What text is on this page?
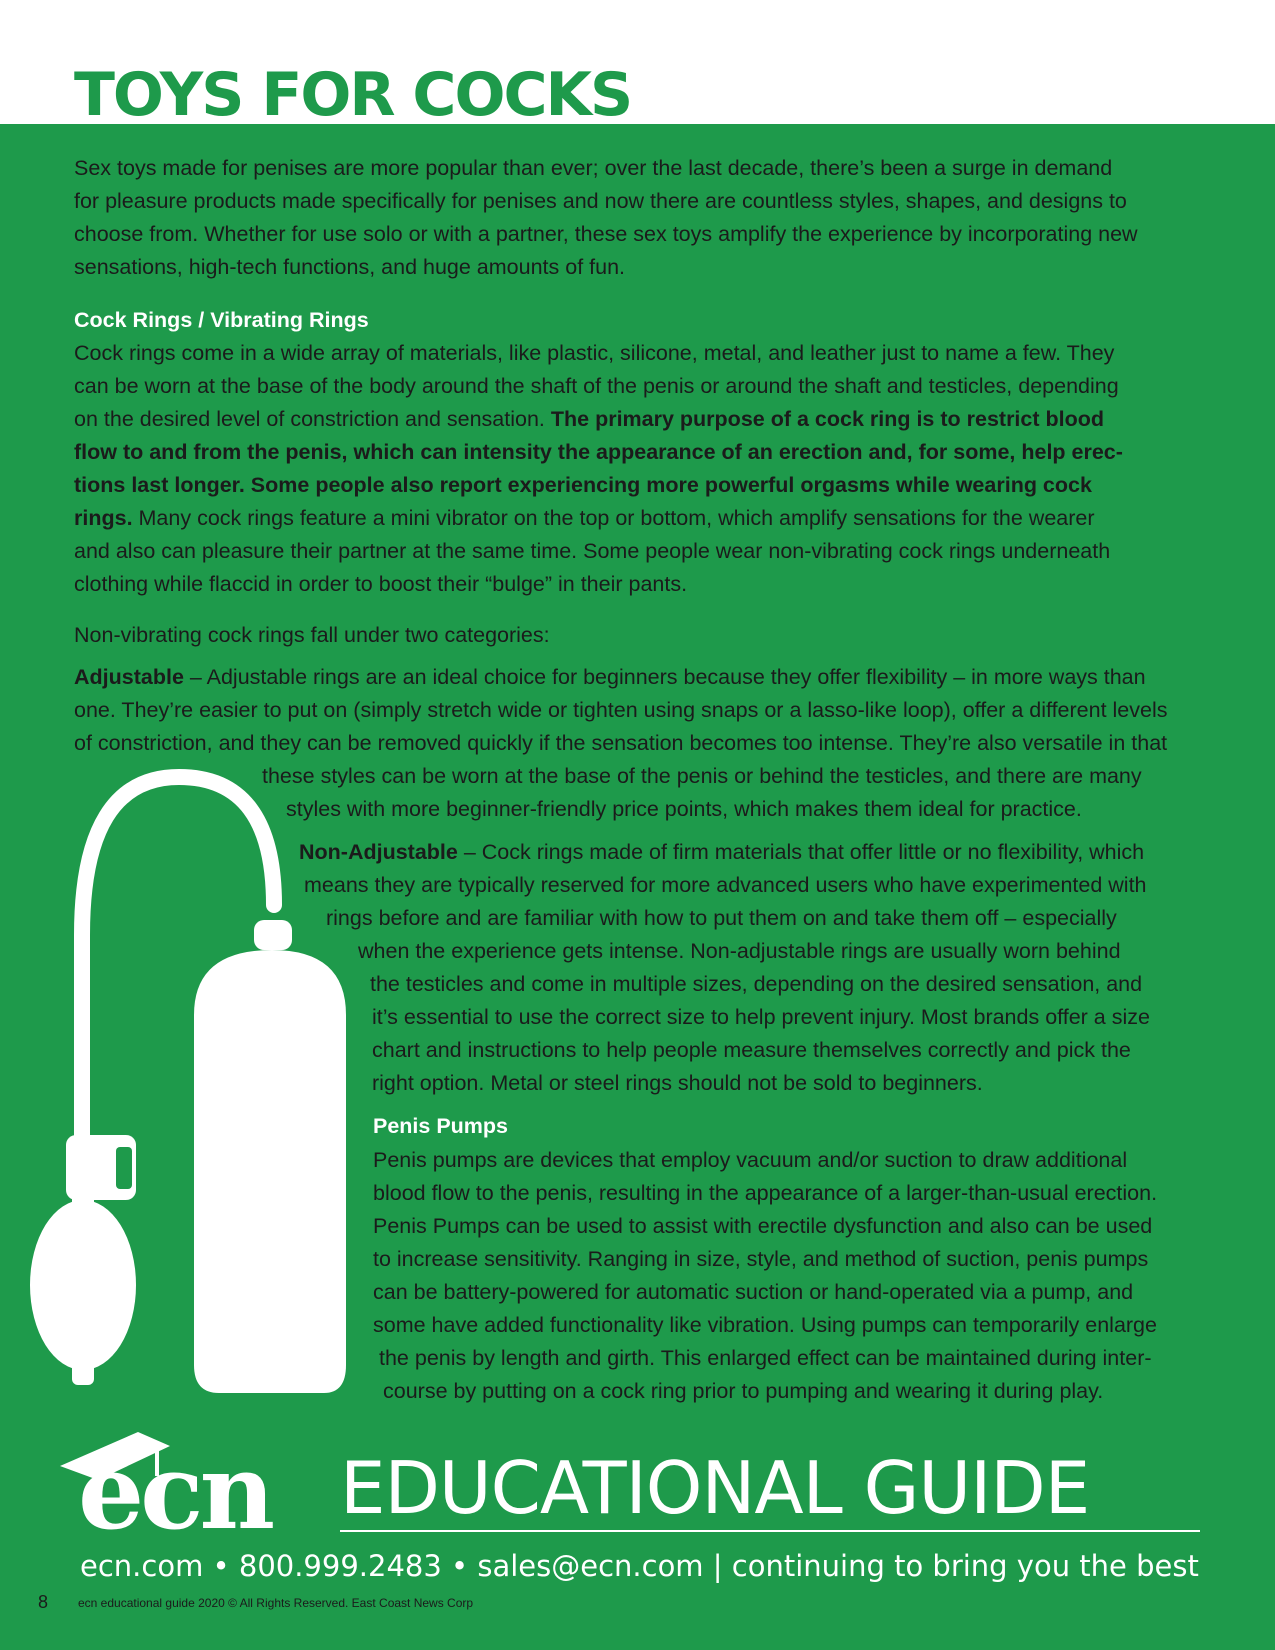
TOYS FOR COCKS
Sex toys made for penises are more popular than ever; over the last decade, there’s been a surge in demand
for pleasure products made specifically for penises and now there are countless styles, shapes, and designs to
choose from. Whether for use solo or with a partner, these sex toys amplify the experience by incorporating new
sensations, high-tech functions, and huge amounts of fun.
Cock Rings / Vibrating Rings
Cock rings come in a wide array of materials, like plastic, silicone, metal, and leather just to name a few. They
can be worn at the base of the body around the shaft of the penis or around the shaft and testicles, depending
on the desired level of constriction and sensation. The primary purpose of a cock ring is to restrict blood
flow to and from the penis, which can intensity the appearance of an erection and, for some, help erec-
tions last longer. Some people also report experiencing more powerful orgasms while wearing cock
rings. Many cock rings feature a mini vibrator on the top or bottom, which amplify sensations for the wearer
and also can pleasure their partner at the same time. Some people wear non-vibrating cock rings underneath
clothing while flaccid in order to boost their “bulge” in their pants.
Non-vibrating cock rings fall under two categories:
Adjustable – Adjustable rings are an ideal choice for beginners because they offer flexibility – in more ways than
one. They’re easier to put on (simply stretch wide or tighten using snaps or a lasso-like loop), offer a different levels
of constriction, and they can be removed quickly if the sensation becomes too intense. They’re also versatile in that
these styles can be worn at the base of the penis or behind the testicles, and there are many
styles with more beginner-friendly price points, which makes them ideal for practice.
Non-Adjustable – Cock rings made of firm materials that offer little or no flexibility, which
means they are typically reserved for more advanced users who have experimented with
rings before and are familiar with how to put them on and take them off – especially
when the experience gets intense. Non-adjustable rings are usually worn behind
the testicles and come in multiple sizes, depending on the desired sensation, and
it’s essential to use the correct size to help prevent injury. Most brands offer a size
chart and instructions to help people measure themselves correctly and pick the
right option. Metal or steel rings should not be sold to beginners.
Penis Pumps
Penis pumps are devices that employ vacuum and/or suction to draw additional
blood flow to the penis, resulting in the appearance of a larger-than-usual erection.
Penis Pumps can be used to assist with erectile dysfunction and also can be used
to increase sensitivity. Ranging in size, style, and method of suction, penis pumps
can be battery-powered for automatic suction or hand-operated via a pump, and
some have added functionality like vibration. Using pumps can temporarily enlarge
the penis by length and girth. This enlarged effect can be maintained during inter-
course by putting on a cock ring prior to pumping and wearing it during play.

ecn EDUCATIONAL GUIDE

ecn.com • 800.999.2483 • sales@ecn.com | continuing to bring you the best

8 ecn educational guide 2020 © All Rights Reserved. East Coast News Corp
